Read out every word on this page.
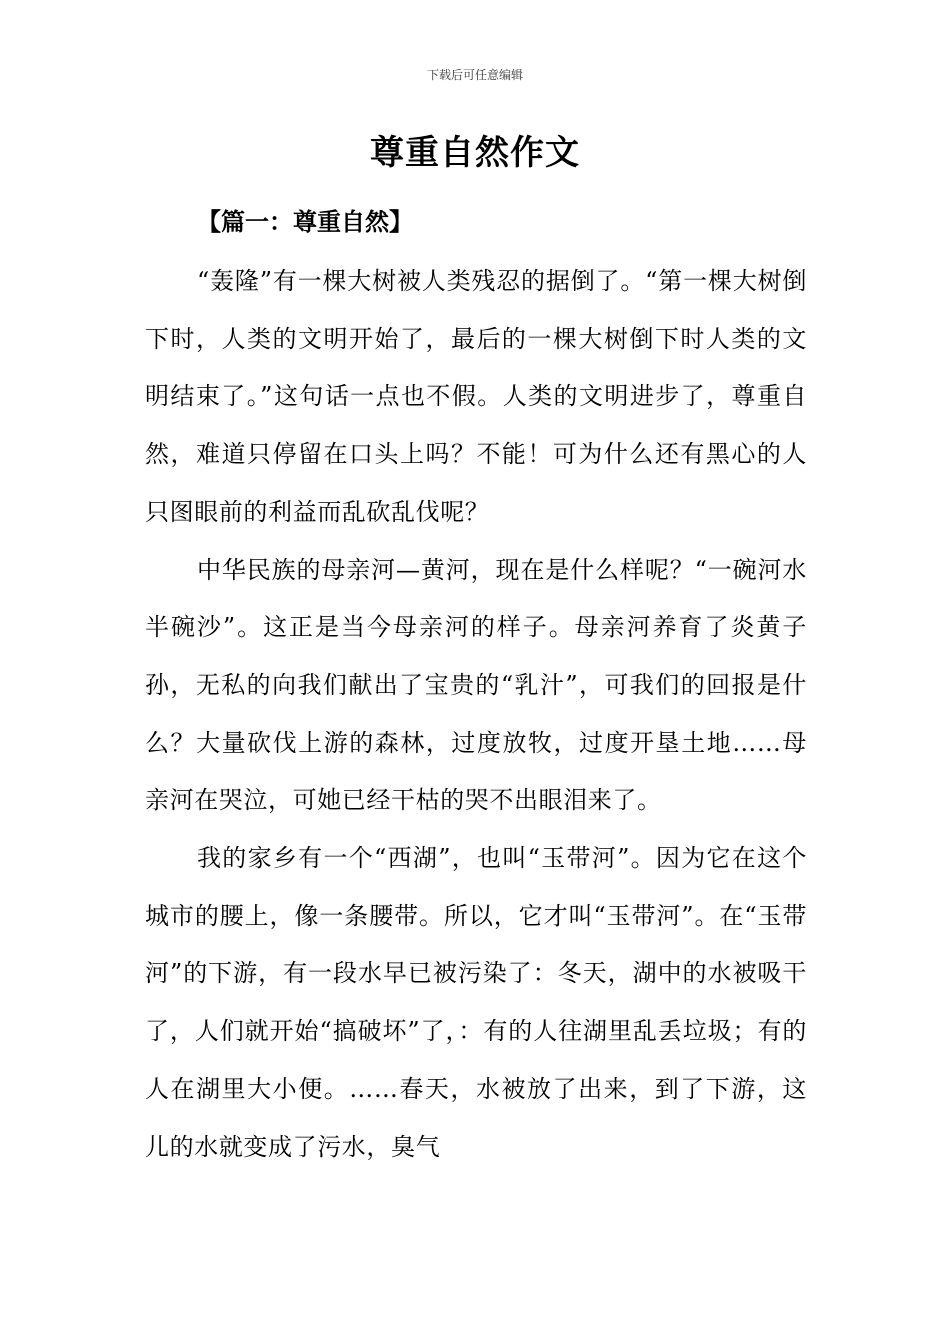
下载后可任意编辑
尊重自然作文
【篇一：尊重自然】

“轰隆”有一棵大树被人类残忍的据倒了。“第一棵大树倒下时，人类的文明开始了，最后的一棵大树倒下时人类的文明结束了。”这句话一点也不假。人类的文明进步了，尊重自然，难道只停留在口头上吗？不能！可为什么还有黑心的人只图眼前的利益而乱砍乱伐呢？

中华民族的母亲河—黄河，现在是什么样呢？“一碗河水半碗沙”。这正是当今母亲河的样子。母亲河养育了炎黄子孙，无私的向我们献出了宝贵的“乳汁”，可我们的回报是什么？大量砍伐上游的森林，过度放牧，过度开垦土地……母亲河在哭泣，可她已经干枯的哭不出眼泪来了。

我的家乡有一个“西湖”，也叫“玉带河”。因为它在这个城市的腰上，像一条腰带。所以，它才叫“玉带河”。在“玉带河”的下游，有一段水早已被污染了：冬天，湖中的水被吸干了，人们就开始“搞破坏”了，：有的人往湖里乱丢垃圾；有的人在湖里大小便。……春天，水被放了出来，到了下游，这儿的水就变成了污水，臭气
